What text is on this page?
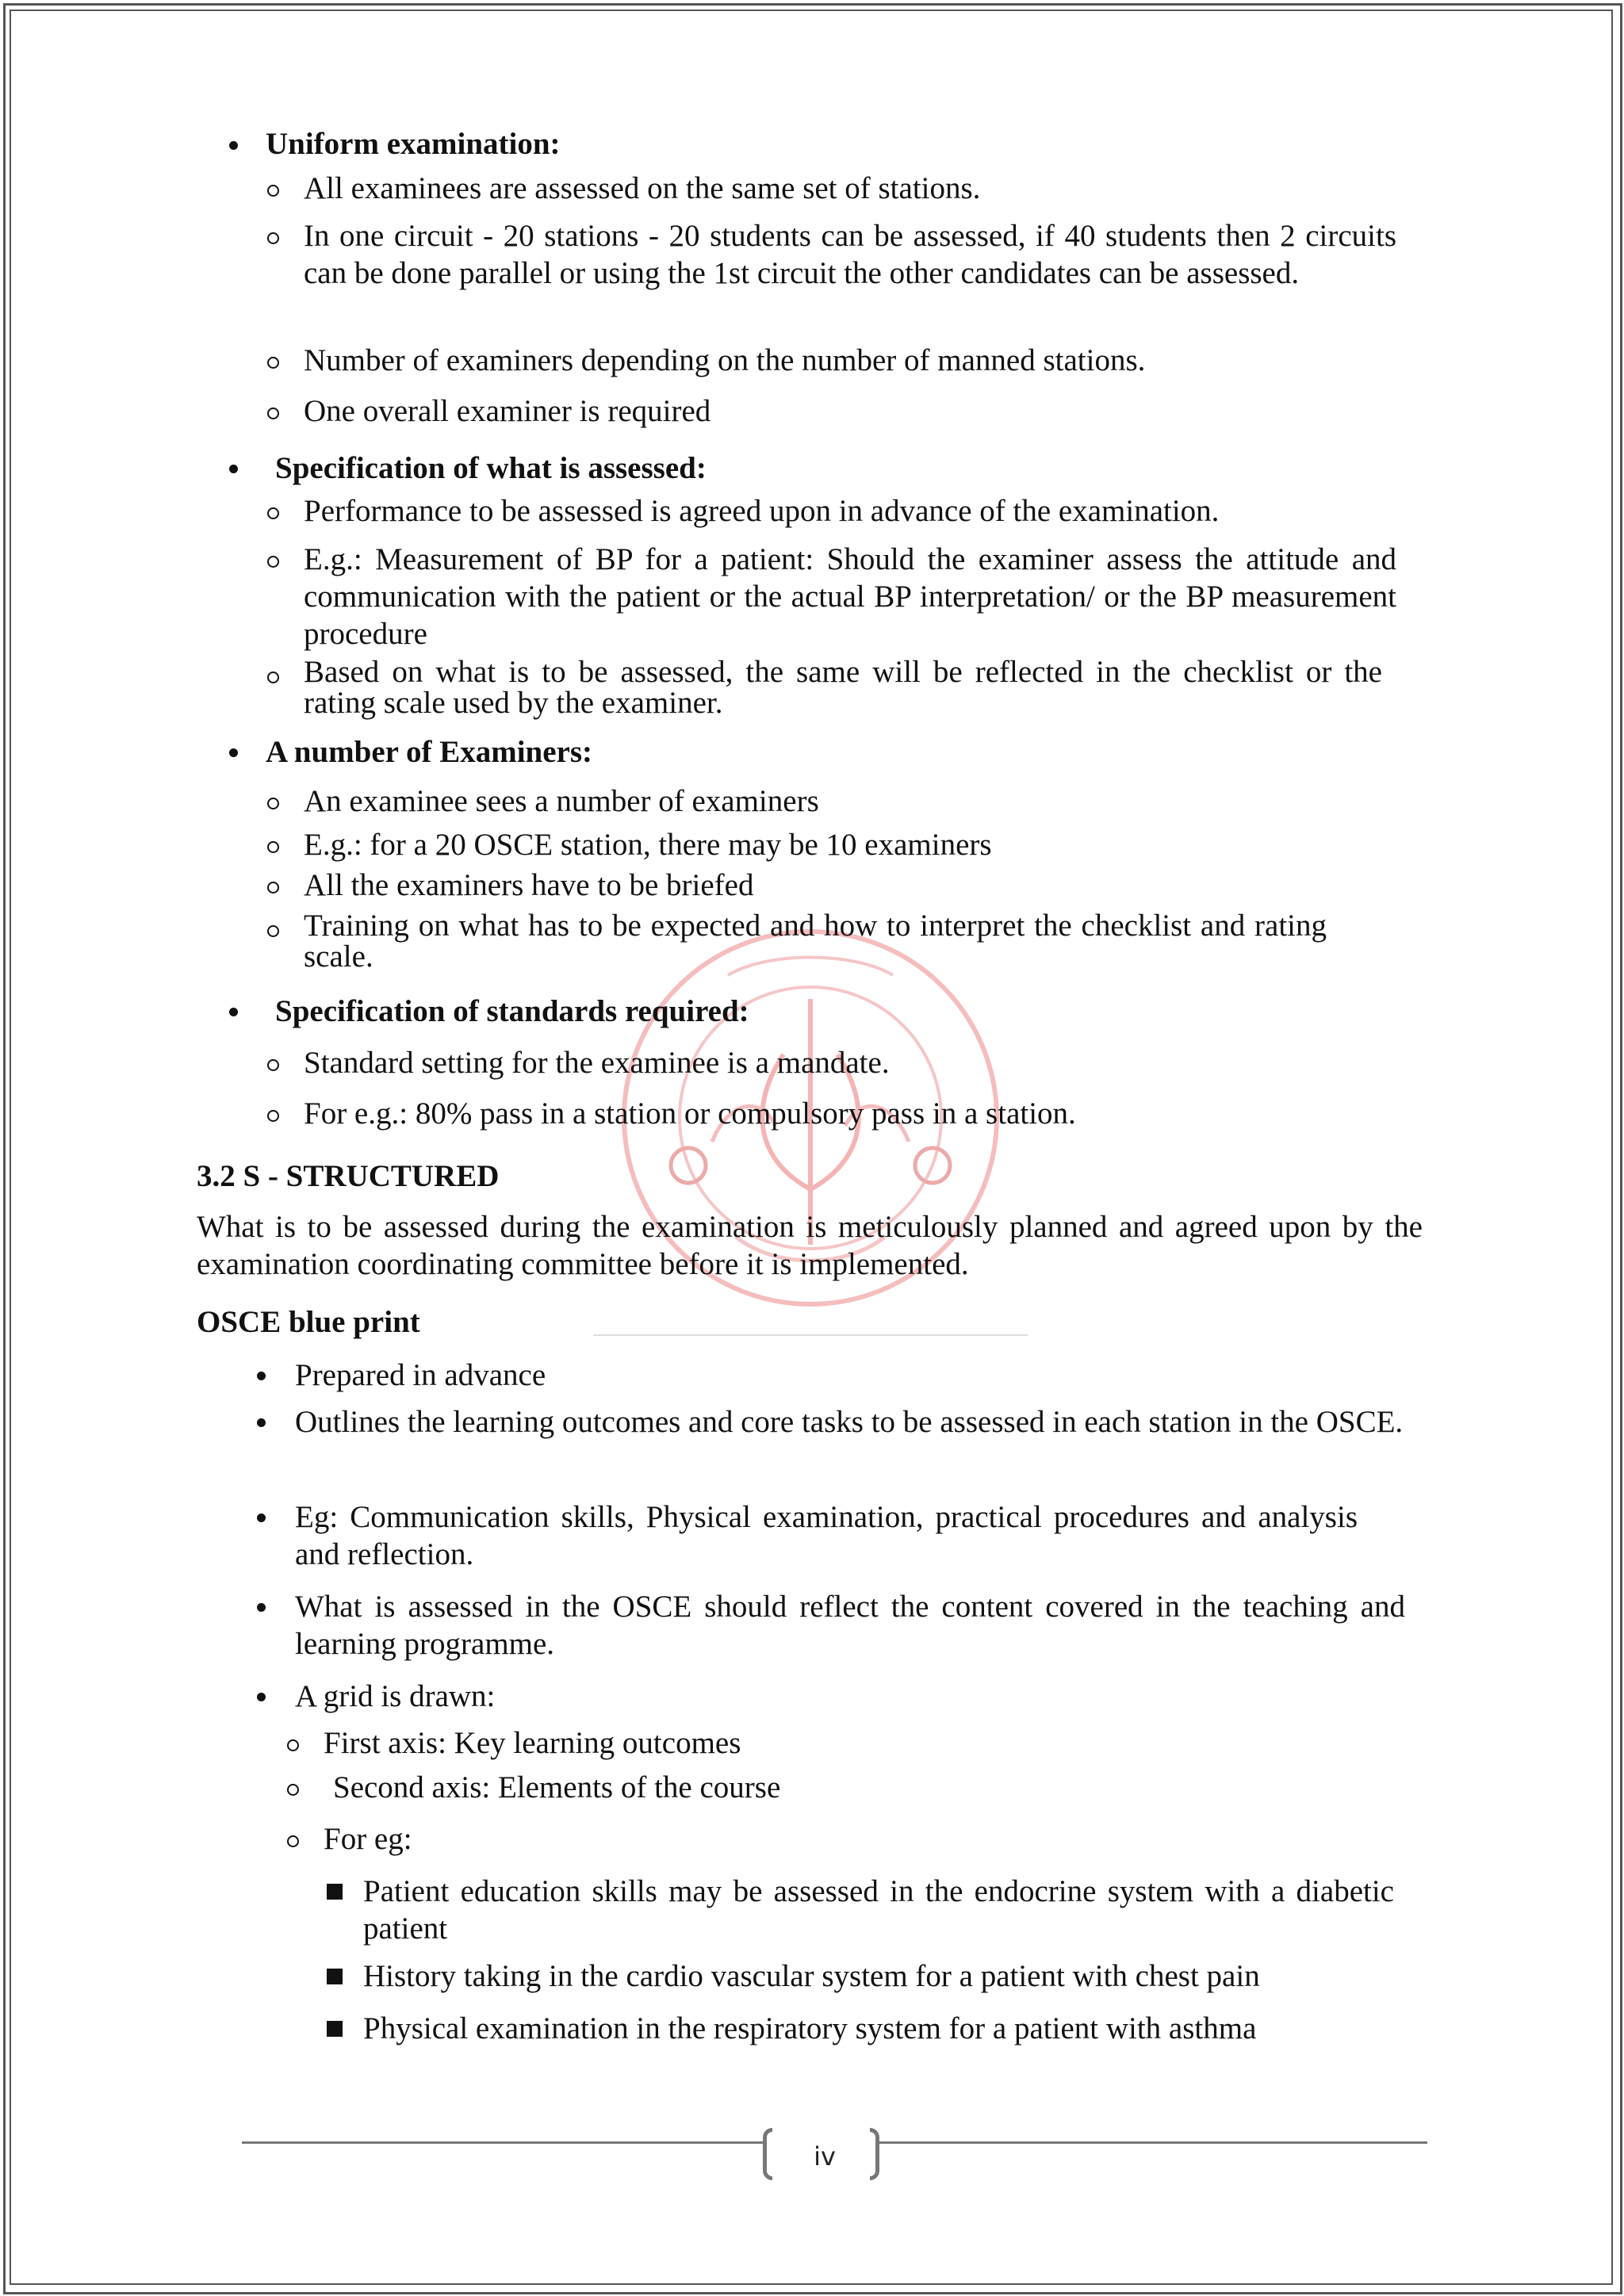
Uniform examination:
All examinees are assessed on the same set of stations.
In one circuit - 20 stations - 20 students can be assessed, if 40 students then 2 circuits can be done parallel or using the 1st circuit the other candidates can be assessed.
Number of examiners depending on the number of manned stations.
One overall examiner is required
Specification of what is assessed:
Performance to be assessed is agreed upon in advance of the examination.
E.g.: Measurement of BP for a patient: Should the examiner assess the attitude and communication with the patient or the actual BP interpretation/ or the BP measurement procedure
Based on what is to be assessed, the same will be reflected in the checklist or the rating scale used by the examiner.
A number of Examiners:
An examinee sees a number of examiners
E.g.: for a 20 OSCE station, there may be 10 examiners
All the examiners have to be briefed
Training on what has to be expected and how to interpret the checklist and rating scale.
Specification of standards required:
Standard setting for the examinee is a mandate.
For e.g.: 80% pass in a station or compulsory pass in a station.
3.2 S - STRUCTURED
What is to be assessed during the examination is meticulously planned and agreed upon by the examination coordinating committee before it is implemented.
OSCE blue print
Prepared in advance
Outlines the learning outcomes and core tasks to be assessed in each station in the OSCE.
Eg: Communication skills, Physical examination, practical procedures and analysis and reflection.
What is assessed in the OSCE should reflect the content covered in the teaching and learning programme.
A grid is drawn:
First axis: Key learning outcomes
Second axis: Elements of the course
For eg:
Patient education skills may be assessed in the endocrine system with a diabetic patient
History taking in the cardio vascular system for a patient with chest pain
Physical examination in the respiratory system for a patient with asthma
iv
